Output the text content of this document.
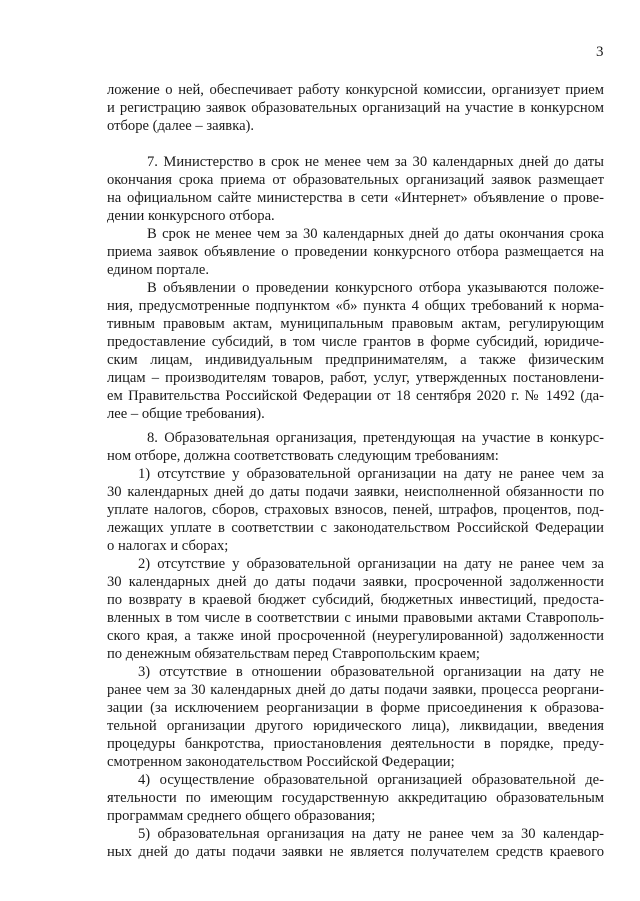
3
ложение о ней, обеспечивает работу конкурсной комиссии, организует прием
и регистрацию заявок образовательных организаций на участие в конкурсном
отборе (далее – заявка).
7. Министерство в срок не менее чем за 30 календарных дней до даты
окончания срока приема от образовательных организаций заявок размещает
на официальном сайте министерства в сети «Интернет» объявление о прове-
дении конкурсного отбора.
В срок не менее чем за 30 календарных дней до даты окончания срока
приема заявок объявление о проведении конкурсного отбора размещается на
едином портале.
В объявлении о проведении конкурсного отбора указываются положе-
ния, предусмотренные подпунктом «б» пункта 4 общих требований к норма-
тивным правовым актам, муниципальным правовым актам, регулирующим
предоставление субсидий, в том числе грантов в форме субсидий, юридиче-
ским лицам, индивидуальным предпринимателям, а также физическим
лицам – производителям товаров, работ, услуг, утвержденных постановлени-
ем Правительства Российской Федерации от 18 сентября 2020 г. № 1492 (да-
лее – общие требования).
8. Образовательная организация, претендующая на участие в конкурс-
ном отборе, должна соответствовать следующим требованиям:
1) отсутствие у образовательной организации на дату не ранее чем за
30 календарных дней до даты подачи заявки, неисполненной обязанности по
уплате налогов, сборов, страховых взносов, пеней, штрафов, процентов, под-
лежащих уплате в соответствии с законодательством Российской Федерации
о налогах и сборах;
2) отсутствие у образовательной организации на дату не ранее чем за
30 календарных дней до даты подачи заявки, просроченной задолженности
по возврату в краевой бюджет субсидий, бюджетных инвестиций, предоста-
вленных в том числе в соответствии с иными правовыми актами Ставрополь-
ского края, а также иной просроченной (неурегулированной) задолженности
по денежным обязательствам перед Ставропольским краем;
3) отсутствие в отношении образовательной организации на дату не
ранее чем за 30 календарных дней до даты подачи заявки, процесса реоргани-
зации (за исключением реорганизации в форме присоединения к образова-
тельной организации другого юридического лица), ликвидации, введения
процедуры банкротства, приостановления деятельности в порядке, преду-
смотренном законодательством Российской Федерации;
4) осуществление образовательной организацией образовательной де-
ятельности по имеющим государственную аккредитацию образовательным
программам среднего общего образования;
5) образовательная организация на дату не ранее чем за 30 календар-
ных дней до даты подачи заявки не является получателем средств краевого
